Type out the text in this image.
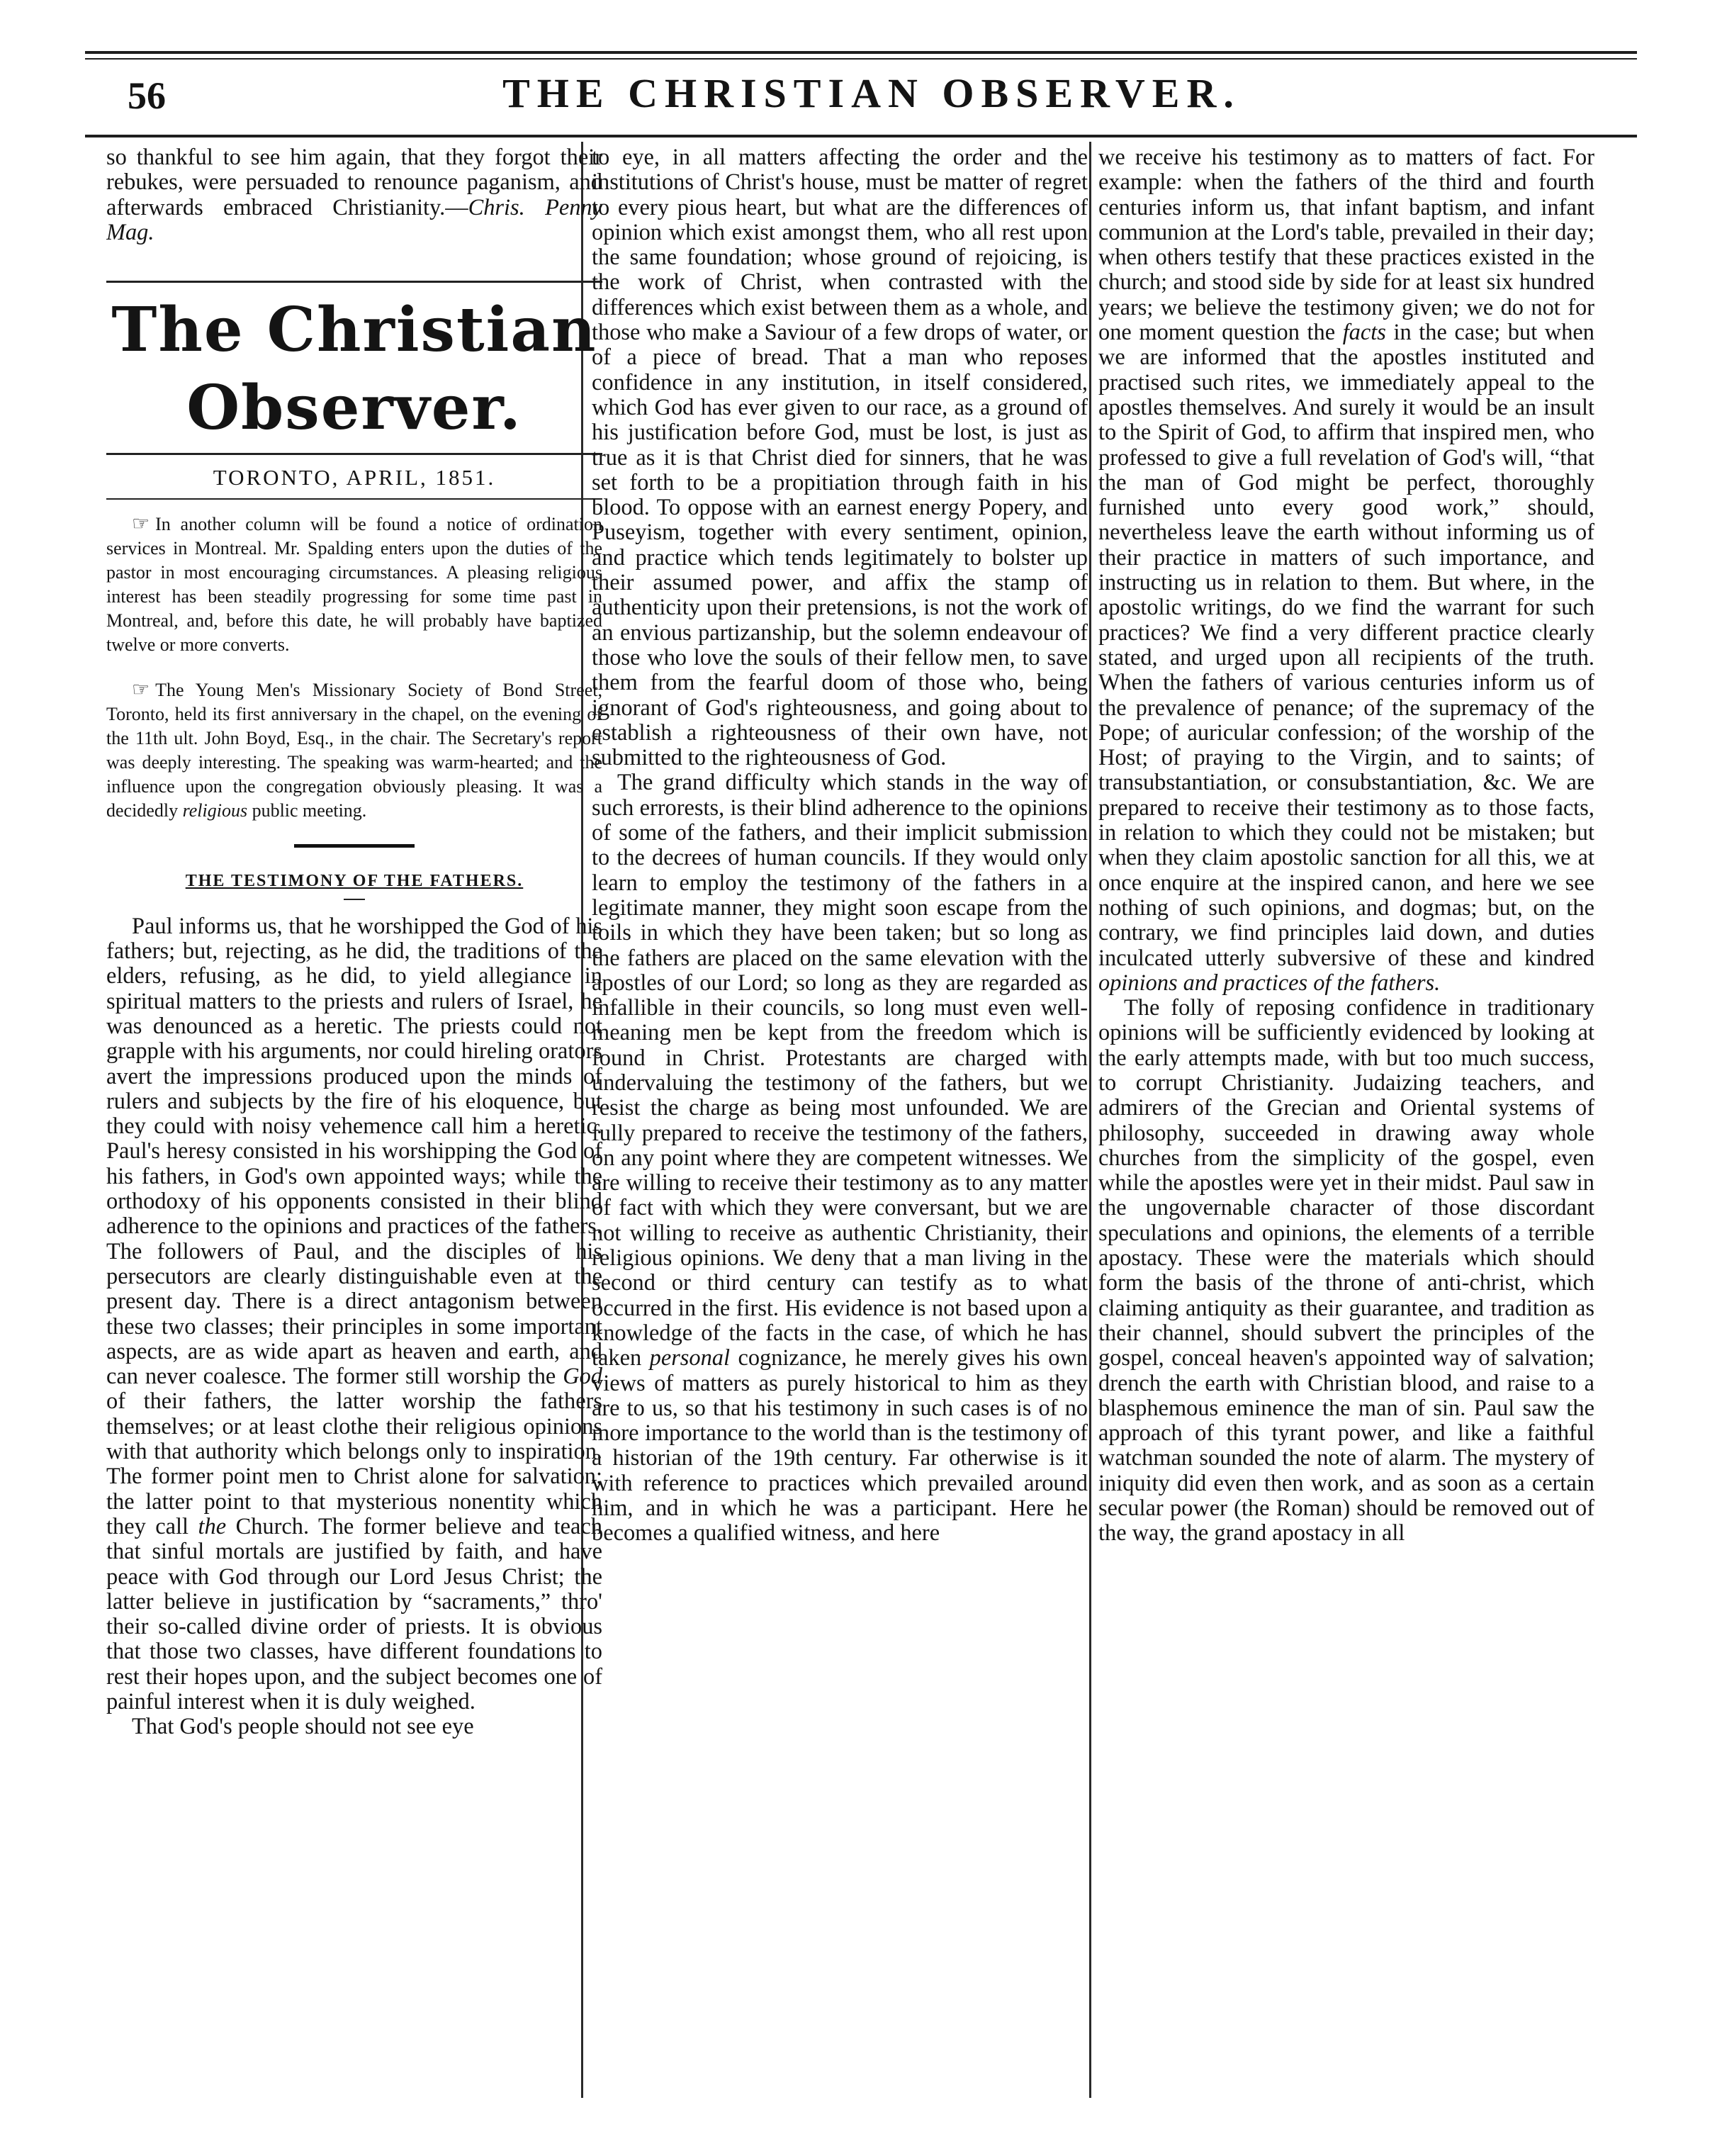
56	THE CHRISTIAN OBSERVER.

so thankful to see him again, that they forgot their rebukes, were persuaded to renounce paganism, and afterwards embraced Christianity.—Chris. Penny Mag.

The Christian Observer.
TORONTO, APRIL, 1851.

☞ In another column will be found a notice of ordination services in Montreal. Mr. Spalding enters upon the duties of the pastor in most encouraging circumstances. A pleasing religious interest has been steadily progressing for some time past in Montreal, and, before this date, he will probably have baptized twelve or more converts.

☞ The Young Men's Missionary Society of Bond Street, Toronto, held its first anniversary in the chapel, on the evening of the 11th ult. John Boyd, Esq., in the chair. The Secretary's report was deeply interesting. The speaking was warm-hearted; and the influence upon the congregation obviously pleasing. It was a decidedly religious public meeting.

THE TESTIMONY OF THE FATHERS.

Paul informs us, that he worshipped the God of his fathers; but, rejecting, as he did, the traditions of the elders, refusing, as he did, to yield allegiance in spiritual matters to the priests and rulers of Israel, he was denounced as a heretic. The priests could not grapple with his arguments, nor could hireling orators avert the impressions produced upon the minds of rulers and subjects by the fire of his eloquence, but they could with noisy vehemence call him a heretic. Paul's heresy consisted in his worshipping the God of his fathers, in God's own appointed ways; while the orthodoxy of his opponents consisted in their blind adherence to the opinions and practices of the fathers. The followers of Paul, and the disciples of his persecutors are clearly distinguishable even at the present day. There is a direct antagonism between these two classes; their principles in some important aspects, are as wide apart as heaven and earth, and can never coalesce. The former still worship the God of their fathers, the latter worship the fathers themselves; or at least clothe their religious opinions with that authority which belongs only to inspiration. The former point men to Christ alone for salvation; the latter point to that mysterious nonentity which they call the Church. The former believe and teach that sinful mortals are justified by faith, and have peace with God through our Lord Jesus Christ; the latter believe in justification by “sacraments,” thro' their so-called divine order of priests. It is obvious that those two classes, have different foundations to rest their hopes upon, and the subject becomes one of painful interest when it is duly weighed.

That God's people should not see eye

to eye, in all matters affecting the order and the institutions of Christ's house, must be matter of regret to every pious heart, but what are the differences of opinion which exist amongst them, who all rest upon the same foundation; whose ground of rejoicing, is the work of Christ, when contrasted with the differences which exist between them as a whole, and those who make a Saviour of a few drops of water, or of a piece of bread. That a man who reposes confidence in any institution, in itself considered, which God has ever given to our race, as a ground of his justification before God, must be lost, is just as true as it is that Christ died for sinners, that he was set forth to be a propitiation through faith in his blood. To oppose with an earnest energy Popery, and Puseyism, together with every sentiment, opinion, and practice which tends legitimately to bolster up their assumed power, and affix the stamp of authenticity upon their pretensions, is not the work of an envious partizanship, but the solemn endeavour of those who love the souls of their fellow men, to save them from the fearful doom of those who, being ignorant of God's righteousness, and going about to establish a righteousness of their own have, not submitted to the righteousness of God.

The grand difficulty which stands in the way of such errorests, is their blind adherence to the opinions of some of the fathers, and their implicit submission to the decrees of human councils. If they would only learn to employ the testimony of the fathers in a legitimate manner, they might soon escape from the toils in which they have been taken; but so long as the fathers are placed on the same elevation with the apostles of our Lord; so long as they are regarded as infallible in their councils, so long must even well-meaning men be kept from the freedom which is found in Christ. Protestants are charged with undervaluing the testimony of the fathers, but we resist the charge as being most unfounded. We are fully prepared to receive the testimony of the fathers, on any point where they are competent witnesses. We are willing to receive their testimony as to any matter of fact with which they were conversant, but we are not willing to receive as authentic Christianity, their religious opinions. We deny that a man living in the second or third century can testify as to what occurred in the first. His evidence is not based upon a knowledge of the facts in the case, of which he has taken personal cognizance, he merely gives his own views of matters as purely historical to him as they are to us, so that his testimony in such cases is of no more importance to the world than is the testimony of a historian of the 19th century. Far otherwise is it with reference to practices which prevailed around him, and in which he was a participant. Here he becomes a qualified witness, and here

we receive his testimony as to matters of fact. For example: when the fathers of the third and fourth centuries inform us, that infant baptism, and infant communion at the Lord's table, prevailed in their day; when others testify that these practices existed in the church; and stood side by side for at least six hundred years; we believe the testimony given; we do not for one moment question the facts in the case; but when we are informed that the apostles instituted and practised such rites, we immediately appeal to the apostles themselves. And surely it would be an insult to the Spirit of God, to affirm that inspired men, who professed to give a full revelation of God's will, “that the man of God might be perfect, thoroughly furnished unto every good work,” should, nevertheless leave the earth without informing us of their practice in matters of such importance, and instructing us in relation to them. But where, in the apostolic writings, do we find the warrant for such practices? We find a very different practice clearly stated, and urged upon all recipients of the truth. When the fathers of various centuries inform us of the prevalence of penance; of the supremacy of the Pope; of auricular confession; of the worship of the Host; of praying to the Virgin, and to saints; of transubstantiation, or consubstantiation, &c. We are prepared to receive their testimony as to those facts, in relation to which they could not be mistaken; but when they claim apostolic sanction for all this, we at once enquire at the inspired canon, and here we see nothing of such opinions, and dogmas; but, on the contrary, we find principles laid down, and duties inculcated utterly subversive of these and kindred opinions and practices of the fathers.

The folly of reposing confidence in traditionary opinions will be sufficiently evidenced by looking at the early attempts made, with but too much success, to corrupt Christianity. Judaizing teachers, and admirers of the Grecian and Oriental systems of philosophy, succeeded in drawing away whole churches from the simplicity of the gospel, even while the apostles were yet in their midst. Paul saw in the ungovernable character of those discordant speculations and opinions, the elements of a terrible apostacy. These were the materials which should form the basis of the throne of anti-christ, which claiming antiquity as their guarantee, and tradition as their channel, should subvert the principles of the gospel, conceal heaven's appointed way of salvation; drench the earth with Christian blood, and raise to a blasphemous eminence the man of sin. Paul saw the approach of this tyrant power, and like a faithful watchman sounded the note of alarm. The mystery of iniquity did even then work, and as soon as a certain secular power (the Roman) should be removed out of the way, the grand apostacy in all
